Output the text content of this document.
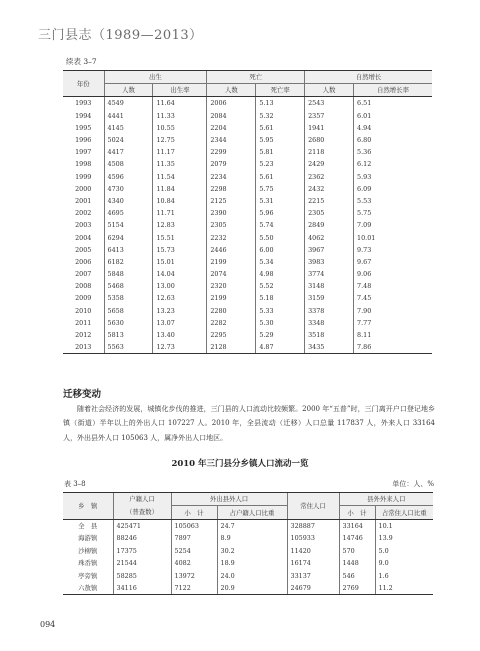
三门县志（1989—2013）
续表 3–7
年份	出生		死亡		自然增长	
	人数	出生率	人数	死亡率	人数	自然增长率
1993	4549	11.64	2006	5.13	2543	6.51
1994	4441	11.33	2084	5.32	2357	6.01
1995	4145	10.55	2204	5.61	1941	4.94
1996	5024	12.75	2344	5.95	2680	6.80
1997	4417	11.17	2299	5.81	2118	5.36
1998	4508	11.35	2079	5.23	2429	6.12
1999	4596	11.54	2234	5.61	2362	5.93
2000	4730	11.84	2298	5.75	2432	6.09
2001	4340	10.84	2125	5.31	2215	5.53
2002	4695	11.71	2390	5.96	2305	5.75
2003	5154	12.83	2305	5.74	2849	7.09
2004	6294	15.51	2232	5.50	4062	10.01
2005	6413	15.73	2446	6.00	3967	9.73
2006	6182	15.01	2199	5.34	3983	9.67
2007	5848	14.04	2074	4.98	3774	9.06
2008	5468	13.00	2320	5.52	3148	7.48
2009	5358	12.63	2199	5.18	3159	7.45
2010	5658	13.23	2280	5.33	3378	7.90
2011	5630	13.07	2282	5.30	3348	7.77
2012	5813	13.40	2295	5.29	3518	8.11
2013	5563	12.73	2128	4.87	3435	7.86
迁移变动

随着社会经济的发展，城镇化步伐的推进，三门县的人口流动比较频繁。2000 年“五普”时，三门离开户口登记地乡镇（街道）半年以上的外出人口 107227 人。2010 年，全县流动（迁移）人口总量 117837 人，外来人口 33164 人，外出县外人口 105063 人，属净外出人口地区。

2010 年三门县分乡镇人口流动一览
表 3–8	单位：人、%
乡　镇	户籍人口	外出县外人口		常住人口	县外外来人口	
	（普查数）	小　计	占户籍人口比重		小　计	占常住人口比重
全　县	425471	105063	24.7	328887	33164	10.1
海游镇	88246	7897	8.9	105933	14746	13.9
沙柳镇	17375	5254	30.2	11420	570	5.0
珠岙镇	21544	4082	18.9	16174	1448	9.0
亭旁镇	58285	13972	24.0	33137	546	1.6
六敖镇	34116	7122	20.9	24679	2769	11.2
094
